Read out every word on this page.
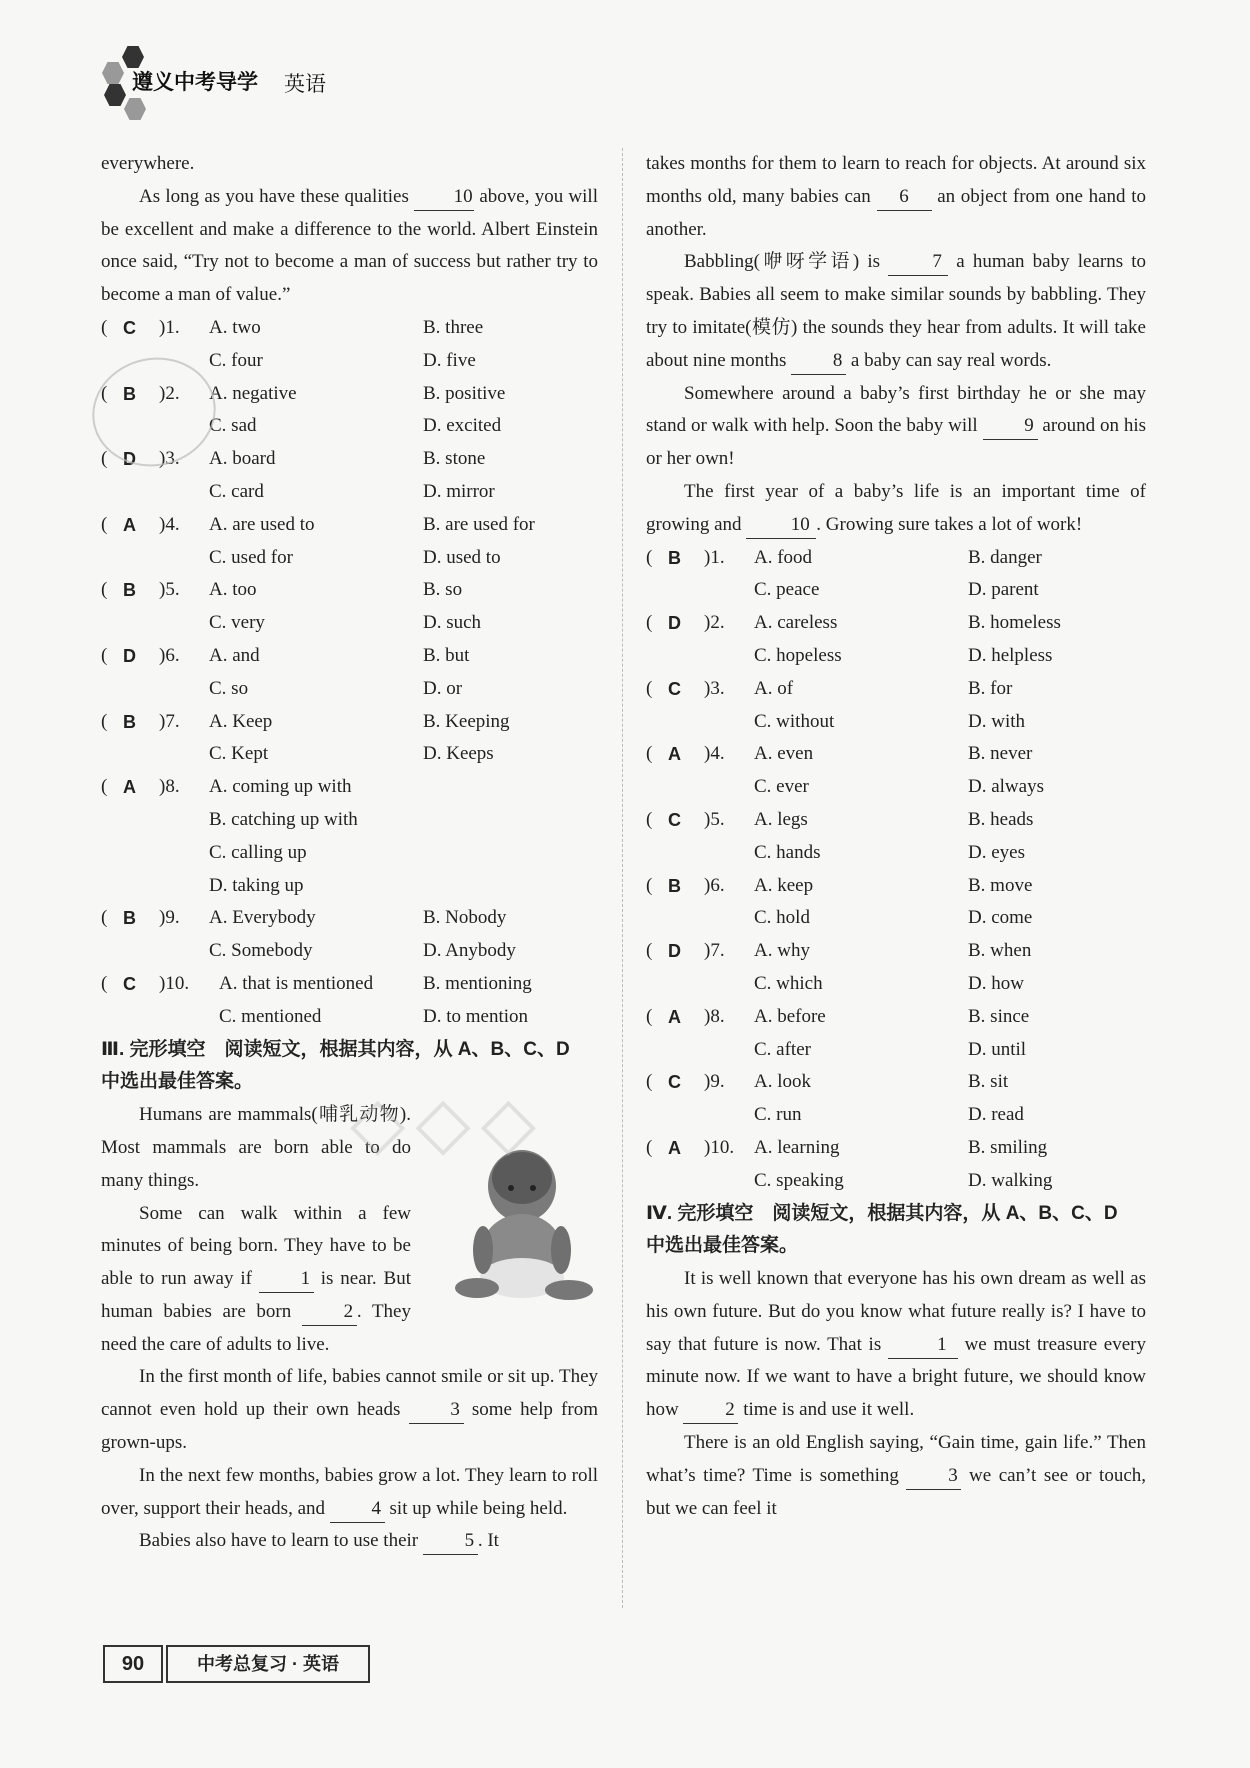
遵义中考导学 英语

everywhere.

As long as you have these qualities 10 above, you will be excellent and make a difference to the world. Albert Einstein once said, “Try not to become a man of success but rather try to become a man of value.”

( C )1. A. two	B. three
C. four	D. five
( B )2. A. negative	B. positive
C. sad	D. excited
( D )3. A. board	B. stone
C. card	D. mirror
( A )4. A. are used to	B. are used for
C. used for	D. used to
( B )5. A. too	B. so
C. very	D. such
( D )6. A. and	B. but
C. so	D. or
( B )7. A. Keep	B. Keeping
C. Kept	D. Keeps
( A )8. A. coming up with
B. catching up with
C. calling up
D. taking up
( B )9. A. Everybody	B. Nobody
C. Somebody	D. Anybody
( C )10. A. that is mentioned	B. mentioning
C. mentioned	D. to mention
Ⅲ. 完形填空　阅读短文，根据其内容，从 A、B、C、D
中选出最佳答案。

Humans are mammals(哺乳动物). Most mammals are born able to do many things.

Some can walk within a few minutes of being born. They have to be able to run away if	1 is near. But human babies are born	2 . They need the care of adults to live.

In the first month of life, babies cannot smile or sit up. They cannot even hold up their own heads	3 some help from grown-ups.

In the next few months, babies grow a lot. They learn to roll over, support their heads, and 4 sit up while being held.

Babies also have to learn to use their 5 . It

takes months for them to learn to reach for objects. At around six months old, many babies can 6 an object from one hand to another.

Babbling(咿呀学语) is	7 a human baby learns to speak. Babies all seem to make similar sounds by babbling. They try to imitate(模仿) the sounds they hear from adults. It will take about nine months 8 a baby can say real words.

Somewhere around a baby’s first birthday he or she may stand or walk with help. Soon the baby will 9 around on his or her own!

The first year of a baby’s life is an important time of growing and	10 . Growing sure takes a lot of work!

( B )1. A. food	B. danger
C. peace	D. parent
( D )2. A. careless	B. homeless
C. hopeless	D. helpless
( C )3. A. of	B. for
C. without	D. with
( A )4. A. even	B. never
C. ever	D. always
( C )5. A. legs	B. heads
C. hands	D. eyes
( B )6. A. keep	B. move
C. hold	D. come
( D )7. A. why	B. when
C. which	D. how
( A )8. A. before	B. since
C. after	D. until
( C )9. A. look	B. sit
C. run	D. read
( A )10. A. learning	B. smiling
C. speaking	D. walking
Ⅳ. 完形填空　阅读短文，根据其内容，从 A、B、C、D
中选出最佳答案。

It is well known that everyone has his own dream as well as his own future. But do you know what future really is? I have to say that future is now. That is	1 we must treasure every minute now. If we want to have a bright future, we should know how 2 time is and use it well.

There is an old English saying, “Gain time, gain life.” Then what’s time? Time is something	3 we can’t see or touch, but we can feel it

◇◇◇
90	中考总复习 · 英语
